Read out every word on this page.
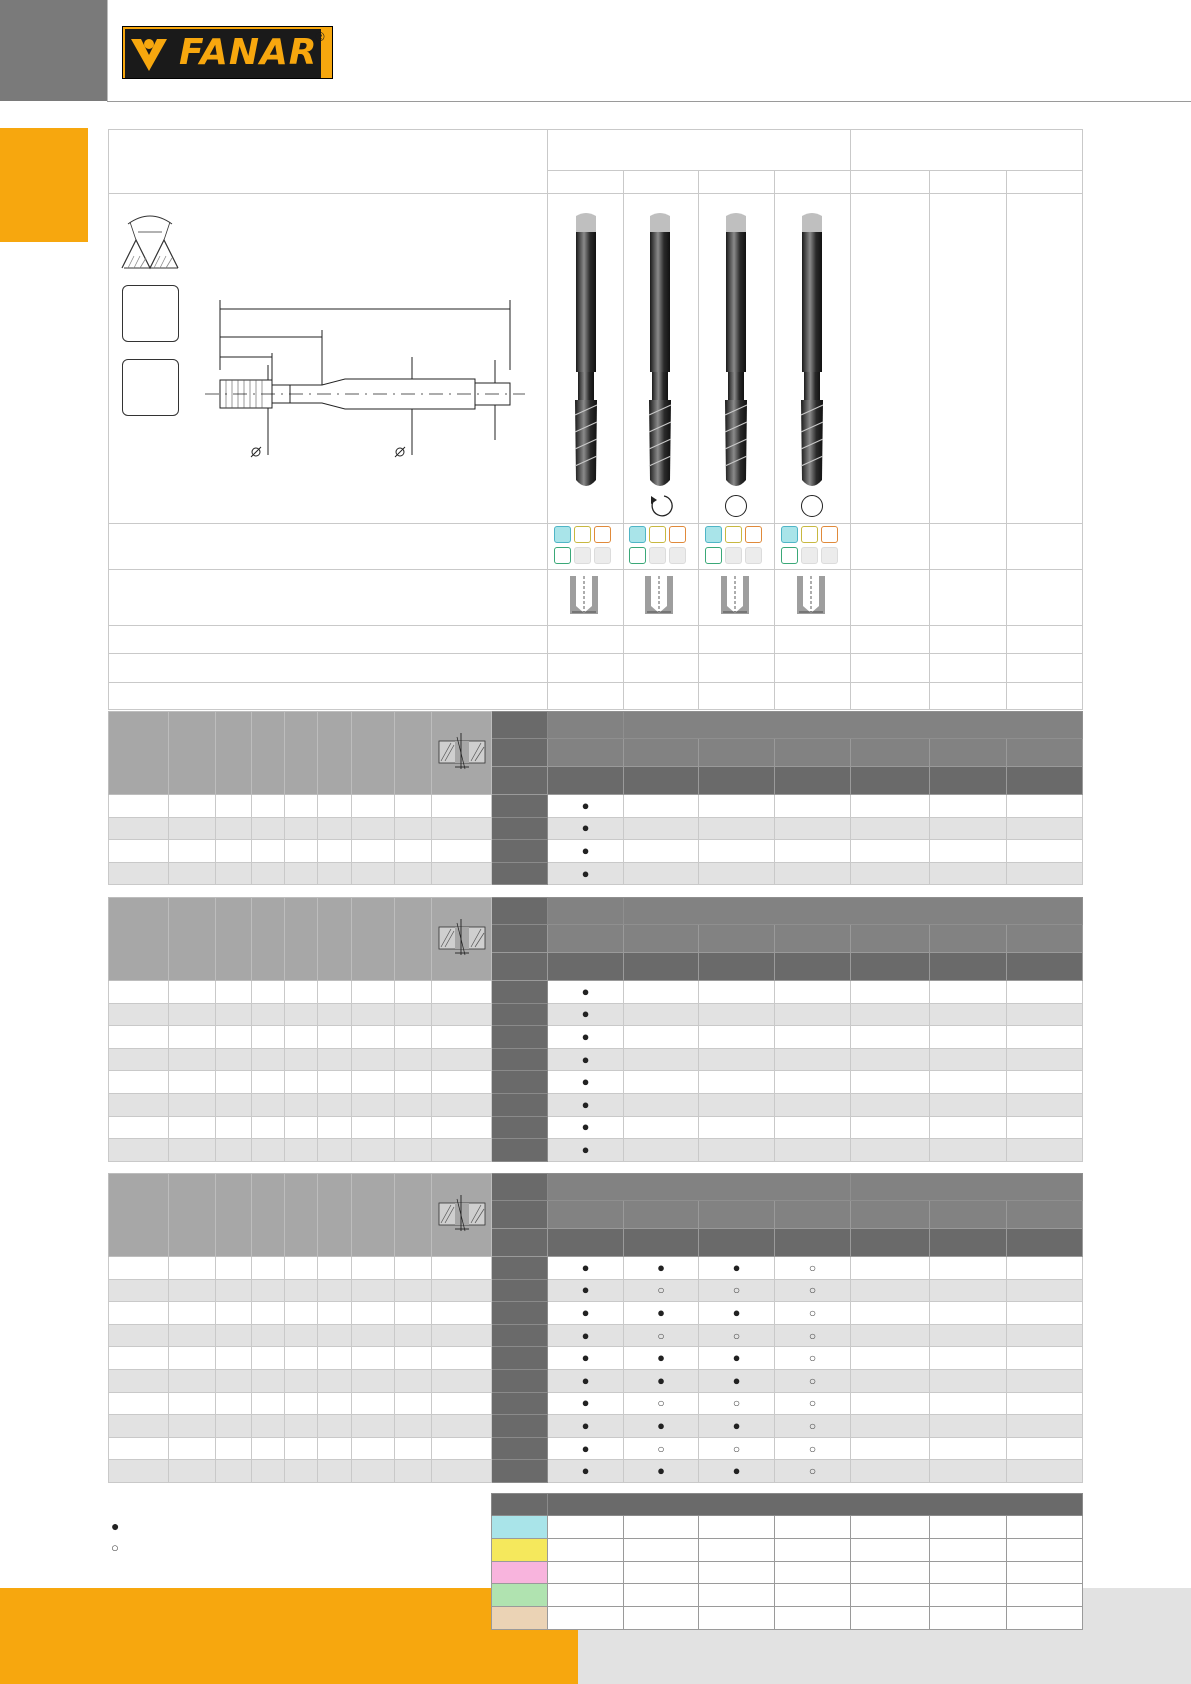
FANAR
®

										●						
										●						
										●						
										●						

										●						
										●						
										●						
										●						
										●						
										●						
										●						
										●						

										●	●	●	○			
										●	○	○	○			
										●	●	●	○			
										●	○	○	○			
										●	●	●	○			
										●	●	●	○			
										●	○	○	○			
										●	●	●	○			
										●	○	○	○			
										●	●	●	○			
●
○
